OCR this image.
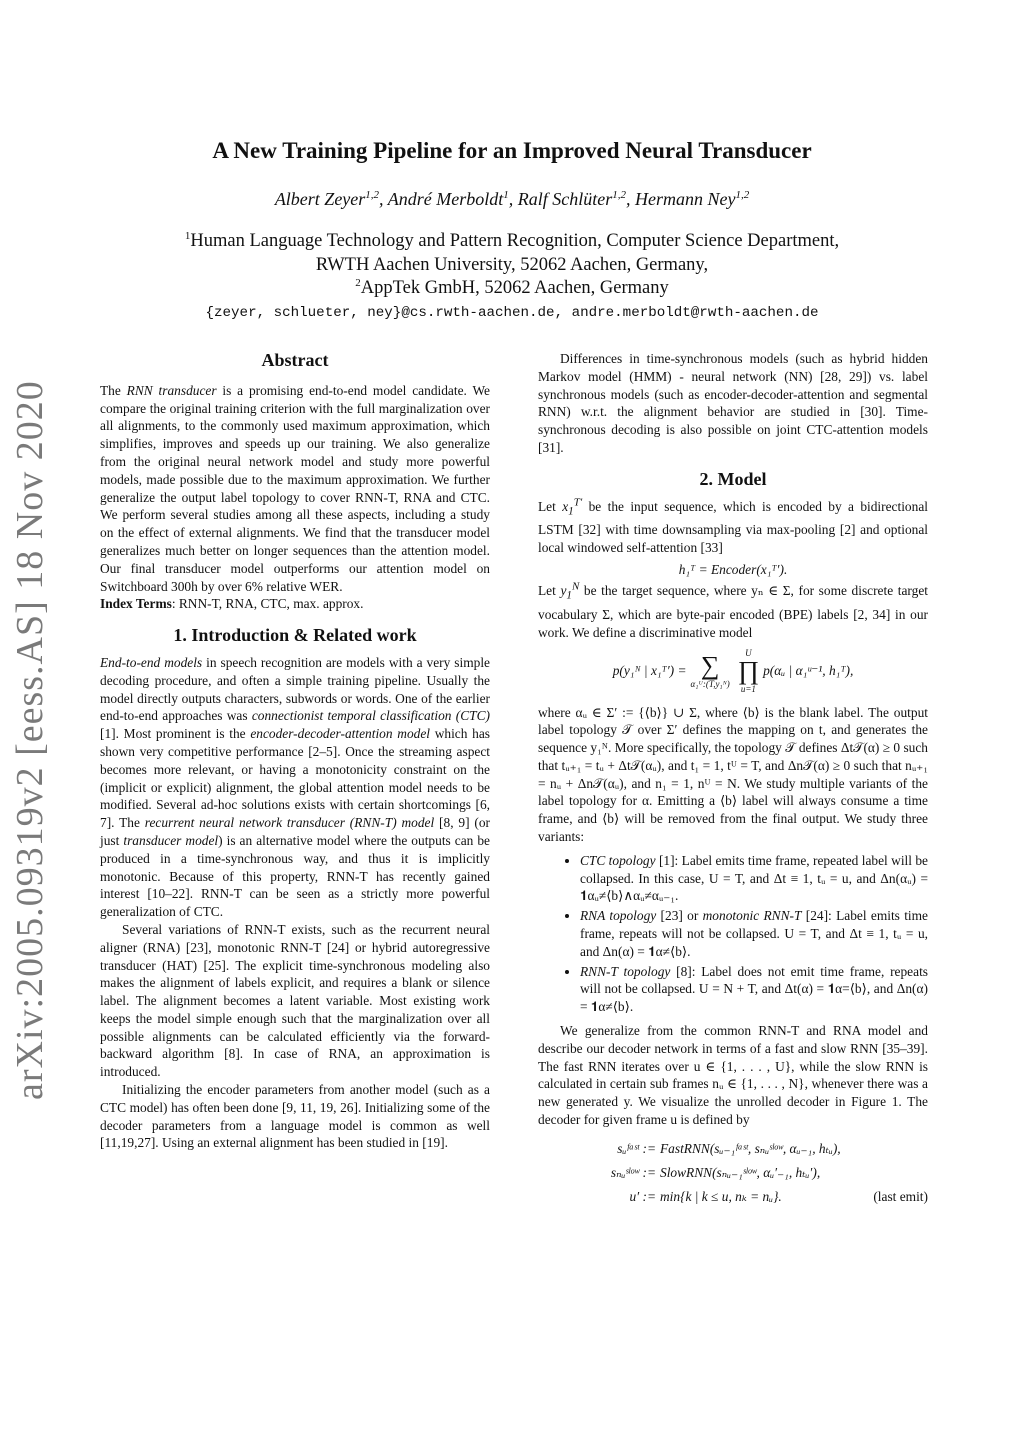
arXiv:2005.09319v2 [eess.AS] 18 Nov 2020
A New Training Pipeline for an Improved Neural Transducer
Albert Zeyer$^{1,2}$, André Merboldt$^1$, Ralf Schlüter$^{1,2}$, Hermann Ney$^{1,2}$
$^1$Human Language Technology and Pattern Recognition, Computer Science Department,
RWTH Aachen University, 52062 Aachen, Germany,
$^2$AppTek GmbH, 52062 Aachen, Germany
{zeyer, schlueter, ney}@cs.rwth-aachen.de, andre.merboldt@rwth-aachen.de
Abstract

The RNN transducer is a promising end-to-end model candidate. We compare the original training criterion with the full marginalization over all alignments, to the commonly used maximum approximation, which simplifies, improves and speeds up our training. We also generalize from the original neural network model and study more powerful models, made possible due to the maximum approximation. We further generalize the output label topology to cover RNN-T, RNA and CTC. We perform several studies among all these aspects, including a study on the effect of external alignments. We find that the transducer model generalizes much better on longer sequences than the attention model. Our final transducer model outperforms our attention model on Switchboard 300h by over 6% relative WER.

Index Terms: RNN-T, RNA, CTC, max. approx.

1. Introduction & Related work

End-to-end models in speech recognition are models with a very simple decoding procedure, and often a simple training pipeline. Usually the model directly outputs characters, subwords or words. One of the earlier end-to-end approaches was connectionist temporal classification (CTC) [1]. Most prominent is the encoder-decoder-attention model which has shown very competitive performance [2–5]. Once the streaming aspect becomes more relevant, or having a monotonicity constraint on the (implicit or explicit) alignment, the global attention model needs to be modified. Several ad-hoc solutions exists with certain shortcomings [6, 7]. The recurrent neural network transducer (RNN-T) model [8, 9] (or just transducer model) is an alternative model where the outputs can be produced in a time-synchronous way, and thus it is implicitly monotonic. Because of this property, RNN-T has recently gained interest [10–22]. RNN-T can be seen as a strictly more powerful generalization of CTC.

Several variations of RNN-T exists, such as the recurrent neural aligner (RNA) [23], monotonic RNN-T [24] or hybrid autoregressive transducer (HAT) [25]. The explicit time-synchronous modeling also makes the alignment of labels explicit, and requires a blank or silence label. The alignment becomes a latent variable. Most existing work keeps the model simple enough such that the marginalization over all possible alignments can be calculated efficiently via the forward-backward algorithm [8]. In case of RNA, an approximation is introduced.

Initializing the encoder parameters from another model (such as a CTC model) has often been done [9, 11, 19, 26]. Initializing some of the decoder parameters from a language model is common as well [11,19,27]. Using an external alignment has been studied in [19].

Differences in time-synchronous models (such as hybrid hidden Markov model (HMM) - neural network (NN) [28, 29]) vs. label synchronous models (such as encoder-decoder-attention and segmental RNN) w.r.t. the alignment behavior are studied in [30]. Time-synchronous decoding is also possible on joint CTC-attention models [31].

2. Model

Let $x_1^{T'}$ be the input sequence, which is encoded by a bidirectional LSTM [32] with time downsampling via max-pooling [2] and optional local windowed self-attention [33]

h₁ᵀ = Encoder(x₁ᵀ′).

Let $y_1^N$ be the target sequence, where yₙ ∈ Σ, for some discrete target vocabulary Σ, which are byte-pair encoded (BPE) labels [2, 34] in our work. We define a discriminative model

p(y₁ᴺ | x₁ᵀ′) = ∑
α₁ᵁ:(T,y₁ᴺ)
U
∏
u=1
p(αᵤ | α₁ᵘ⁻¹, h₁ᵀ),

where αᵤ ∈ Σ′ := {⟨b⟩} ∪ Σ, where ⟨b⟩ is the blank label. The output label topology 𝒯 over Σ′ defines the mapping on t, and generates the sequence y₁ᴺ. More specifically, the topology 𝒯 defines Δt𝒯(α) ≥ 0 such that tᵤ₊₁ = tᵤ + Δt𝒯(αᵤ), and t₁ = 1, tᵁ = T, and Δn𝒯(α) ≥ 0 such that nᵤ₊₁ = nᵤ + Δn𝒯(αᵤ), and n₁ = 1, nᵁ = N. We study multiple variants of the label topology for α. Emitting a ⟨b⟩ label will always consume a time frame, and ⟨b⟩ will be removed from the final output. We study three variants:

• CTC topology [1]: Label emits time frame, repeated label will be collapsed. In this case, U = T, and Δt ≡ 1, tᵤ = u, and Δn(αᵤ) = 𝟏αᵤ≠⟨b⟩∧αᵤ≠αᵤ₋₁.
• RNA topology [23] or monotonic RNN-T [24]: Label emits time frame, repeats will not be collapsed. U = T, and Δt ≡ 1, tᵤ = u, and Δn(α) = 𝟏α≠⟨b⟩.
• RNN-T topology [8]: Label does not emit time frame, repeats will not be collapsed. U = N + T, and Δt(α) = 𝟏α=⟨b⟩, and Δn(α) = 𝟏α≠⟨b⟩.

We generalize from the common RNN-T and RNA model and describe our decoder network in terms of a fast and slow RNN [35–39]. The fast RNN iterates over u ∈ {1, . . . , U}, while the slow RNN is calculated in certain sub frames nᵤ ∈ {1, . . . , N}, whenever there was a new generated y. We visualize the unrolled decoder in Figure 1. The decoder for given frame u is defined by

sᵤᶠᵃˢᵗ := FastRNN(sᵤ₋₁ᶠᵃˢᵗ, sₙᵤˢˡᵒʷ, αᵤ₋₁, hₜᵤ),
sₙᵤˢˡᵒʷ := SlowRNN(sₙᵤ₋₁ˢˡᵒʷ, αᵤ′₋₁, hₜᵤ′),
u′ := min{k | k ≤ u, nₖ = nᵤ}.	(last emit)
